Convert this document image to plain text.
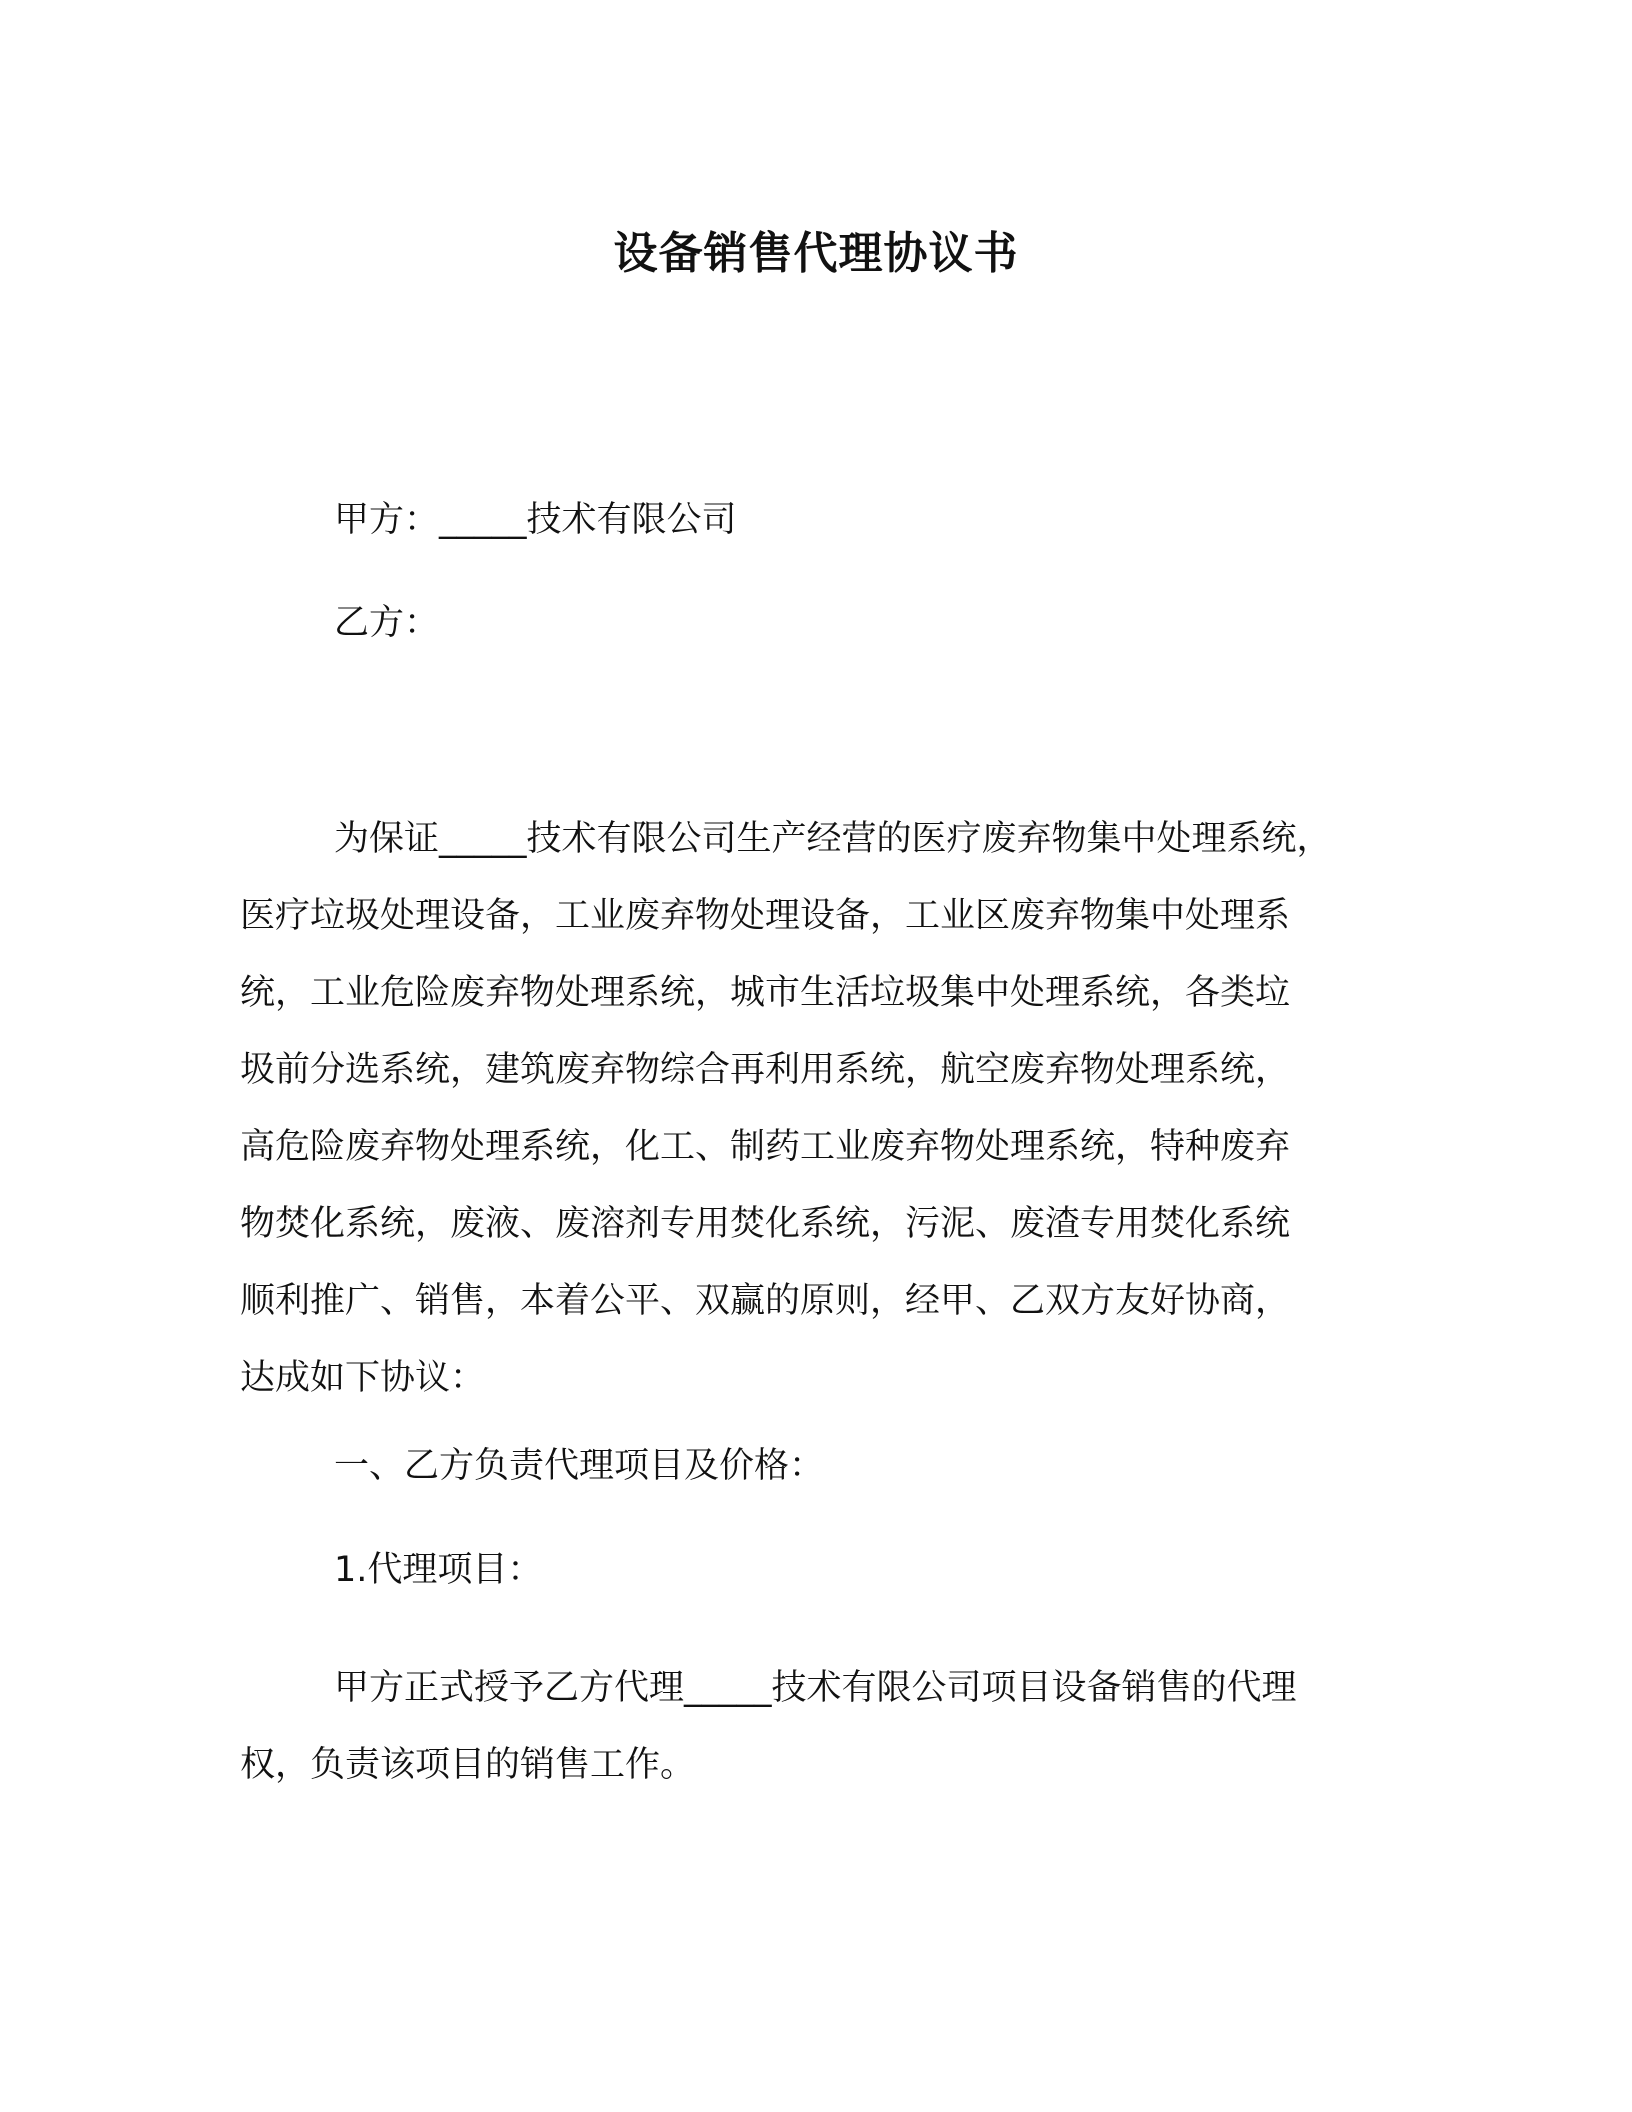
设备销售代理协议书
甲方：_____技术有限公司
乙方：
为保证_____技术有限公司生产经营的医疗废弃物集中处理系统，
医疗垃圾处理设备，工业废弃物处理设备，工业区废弃物集中处理系
统，工业危险废弃物处理系统，城市生活垃圾集中处理系统，各类垃
圾前分选系统，建筑废弃物综合再利用系统，航空废弃物处理系统，
高危险废弃物处理系统，化工、制药工业废弃物处理系统，特种废弃
物焚化系统，废液、废溶剂专用焚化系统，污泥、废渣专用焚化系统
顺利推广、销售，本着公平、双赢的原则，经甲、乙双方友好协商，
达成如下协议：
一、乙方负责代理项目及价格：
1.代理项目：
甲方正式授予乙方代理_____技术有限公司项目设备销售的代理
权，负责该项目的销售工作。
